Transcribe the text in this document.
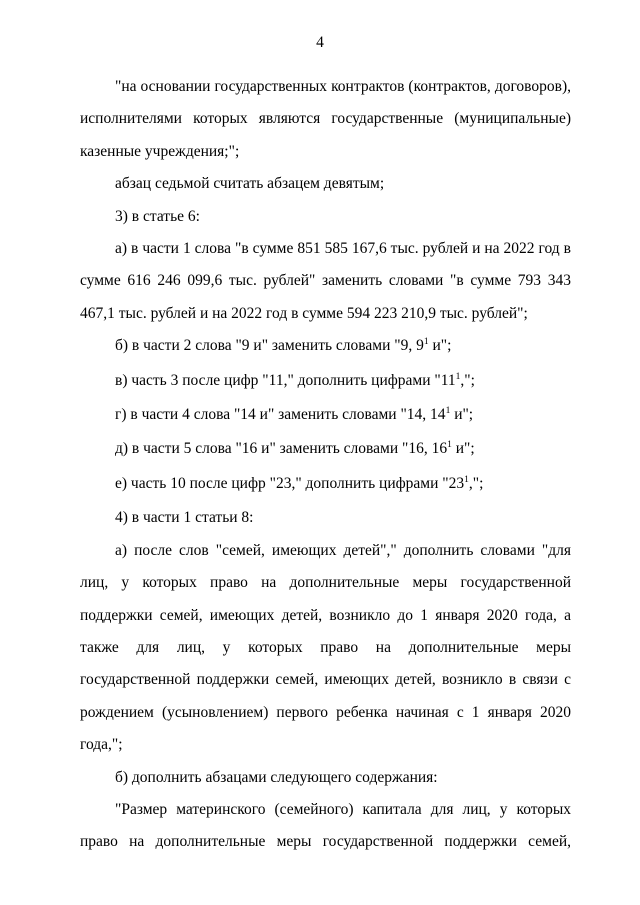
4
"на основании государственных контрактов (контрактов, договоров), исполнителями которых являются государственные (муниципальные) казенные учреждения;";
абзац седьмой считать абзацем девятым;
3) в статье 6:
а) в части 1 слова "в сумме 851 585 167,6 тыс. рублей и на 2022 год в сумме 616 246 099,6 тыс. рублей" заменить словами "в сумме 793 343 467,1 тыс. рублей и на 2022 год в сумме 594 223 210,9 тыс. рублей";
б) в части 2 слова "9 и" заменить словами "9, $9^1$ и";
в) часть 3 после цифр "11," дополнить цифрами "$11^1$,";
г) в части 4 слова "14 и" заменить словами "14, $14^1$ и";
д) в части 5 слова "16 и" заменить словами "16, $16^1$ и";
е) часть 10 после цифр "23," дополнить цифрами "$23^1$,";
4) в части 1 статьи 8:
а) после слов "семей, имеющих детей"," дополнить словами "для лиц, у которых право на дополнительные меры государственной поддержки семей, имеющих детей, возникло до 1 января 2020 года, а также для лиц, у которых право на дополнительные меры государственной поддержки семей, имеющих детей, возникло в связи с рождением (усыновлением) первого ребенка начиная с 1 января 2020 года,";
б) дополнить абзацами следующего содержания:
"Размер материнского (семейного) капитала для лиц, у которых право на дополнительные меры государственной поддержки семей,
